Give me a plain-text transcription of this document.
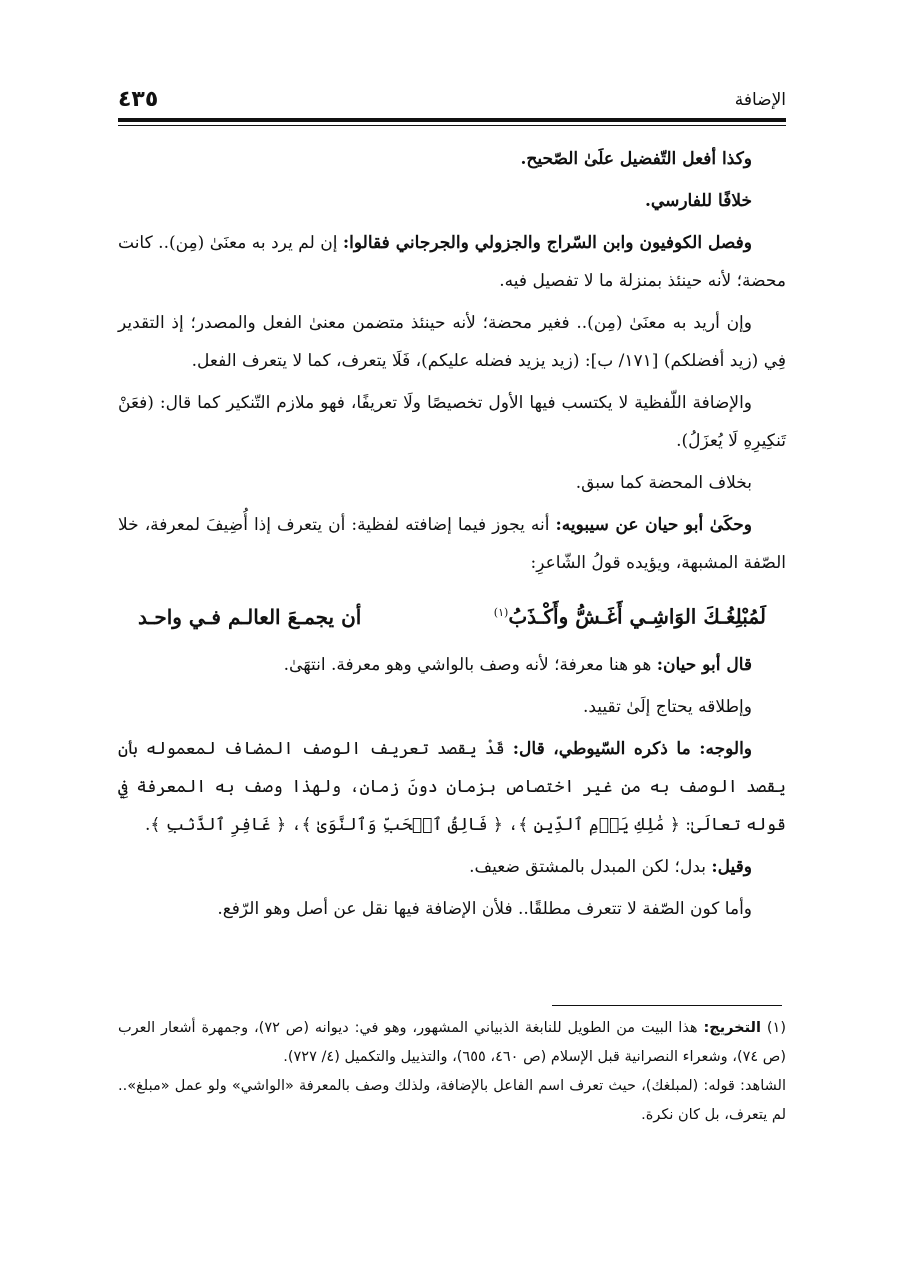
الإضافة
٤٣٥

وكذا أفعل التّفضيل علَىٰ الصّحيح.

خلافًا للفارسي.

وفصل الكوفيون وابن السّراج والجزولي والجرجاني فقالوا: إن لم يرد به معنَىٰ (مِن).. كانت محضة؛ لأنه حينئذ بمنزلة ما لا تفصيل فيه.

وإن أريد به معنَىٰ (مِن).. فغير محضة؛ لأنه حينئذ متضمن معنىٰ الفعل والمصدر؛ إذ التقدير فِي (زيد أفضلكم) [١٧١/ ب]: (زيد يزيد فضله عليكم)، فَلَا يتعرف، كما لا يتعرف الفعل.

والإضافة اللّفظية لا يكتسب فيها الأول تخصيصًا ولَا تعريفًا، فهو ملازم التّنكير كما قال: (فعَنْ تَنكِيرِهِ لَا يُعزَلُ).

بخلاف المحضة كما سبق.

وحكَىٰ أبو حيان عن سيبويه: أنه يجوز فيما إضافته لفظية: أن يتعرف إذا أُضِيفَ لمعرفة، خلا الصّفة المشبهة، ويؤيده قولُ الشّاعرِ:

لَمُبْلِغُـكَ الوَاشِـي أَغَـشُّ وأَكْـذَبُ$^{(١)}$
أن يجمـعَ العالـم فـي واحـد

قال أبو حيان: هو هنا معرفة؛ لأنه وصف بالواشي وهو معرفة. انتهَىٰ.

وإطلاقه يحتاج إلَىٰ تقييد.

والوجه: ما ذكره السّيوطي، قال: قَدْ يقصد تعريف الوصف المضاف لمعموله بأن يقصد الوصف به من غير اختصاص بزمان دونَ زمان، ولهذا وصف به المعرفة فِي قوله تعالَىٰ: ﴿ مَٰلِكِ يَوۡمِ ٱلدِّينِ ﴾، ﴿ فَالِقُ ٱلۡحَبِّ وَٱلنَّوَىٰ ﴾، ﴿ غَافِرِ ٱلذَّنۢبِ ﴾.

وقيل: بدل؛ لكن المبدل بالمشتق ضعيف.

وأما كون الصّفة لا تتعرف مطلقًا.. فلأن الإضافة فيها نقل عن أصل وهو الرّفع.

(١) التخريج: هذا البيت من الطويل للنابغة الذبياني المشهور، وهو في: ديوانه (ص ٧٢)، وجمهرة أشعار العرب (ص ٧٤)، وشعراء النصرانية قبل الإسلام (ص ٤٦٠، ٦٥٥)، والتذييل والتكميل (٤/ ٧٢٧).

الشاهد: قوله: (لمبلغك)، حيث تعرف اسم الفاعل بالإضافة، ولذلك وصف بالمعرفة «الواشي» ولو عمل «مبلغ».. لم يتعرف، بل كان نكرة.
